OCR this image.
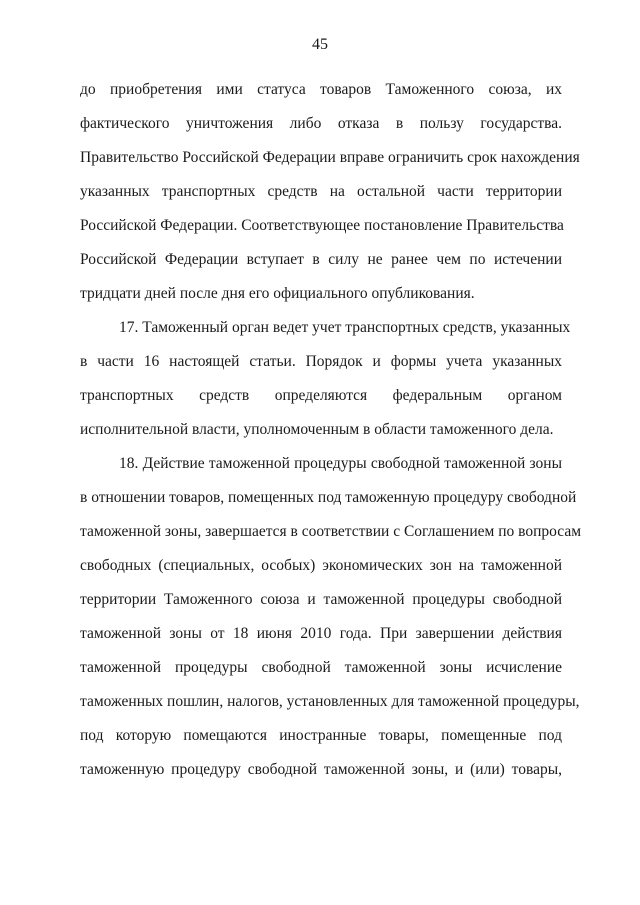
45
до приобретения ими статуса товаров Таможенного союза, их
фактического уничтожения либо отказа в пользу государства.
Правительство Российской Федерации вправе ограничить срок нахождения
указанных транспортных средств на остальной части территории
Российской Федерации. Соответствующее постановление Правительства
Российской Федерации вступает в силу не ранее чем по истечении
тридцати дней после дня его официального опубликования.
17. Таможенный орган ведет учет транспортных средств, указанных
в части 16 настоящей статьи. Порядок и формы учета указанных
транспортных средств определяются федеральным органом
исполнительной власти, уполномоченным в области таможенного дела.
18. Действие таможенной процедуры свободной таможенной зоны
в отношении товаров, помещенных под таможенную процедуру свободной
таможенной зоны, завершается в соответствии с Соглашением по вопросам
свободных (специальных, особых) экономических зон на таможенной
территории Таможенного союза и таможенной процедуры свободной
таможенной зоны от 18 июня 2010 года. При завершении действия
таможенной процедуры свободной таможенной зоны исчисление
таможенных пошлин, налогов, установленных для таможенной процедуры,
под которую помещаются иностранные товары, помещенные под
таможенную процедуру свободной таможенной зоны, и (или) товары,
